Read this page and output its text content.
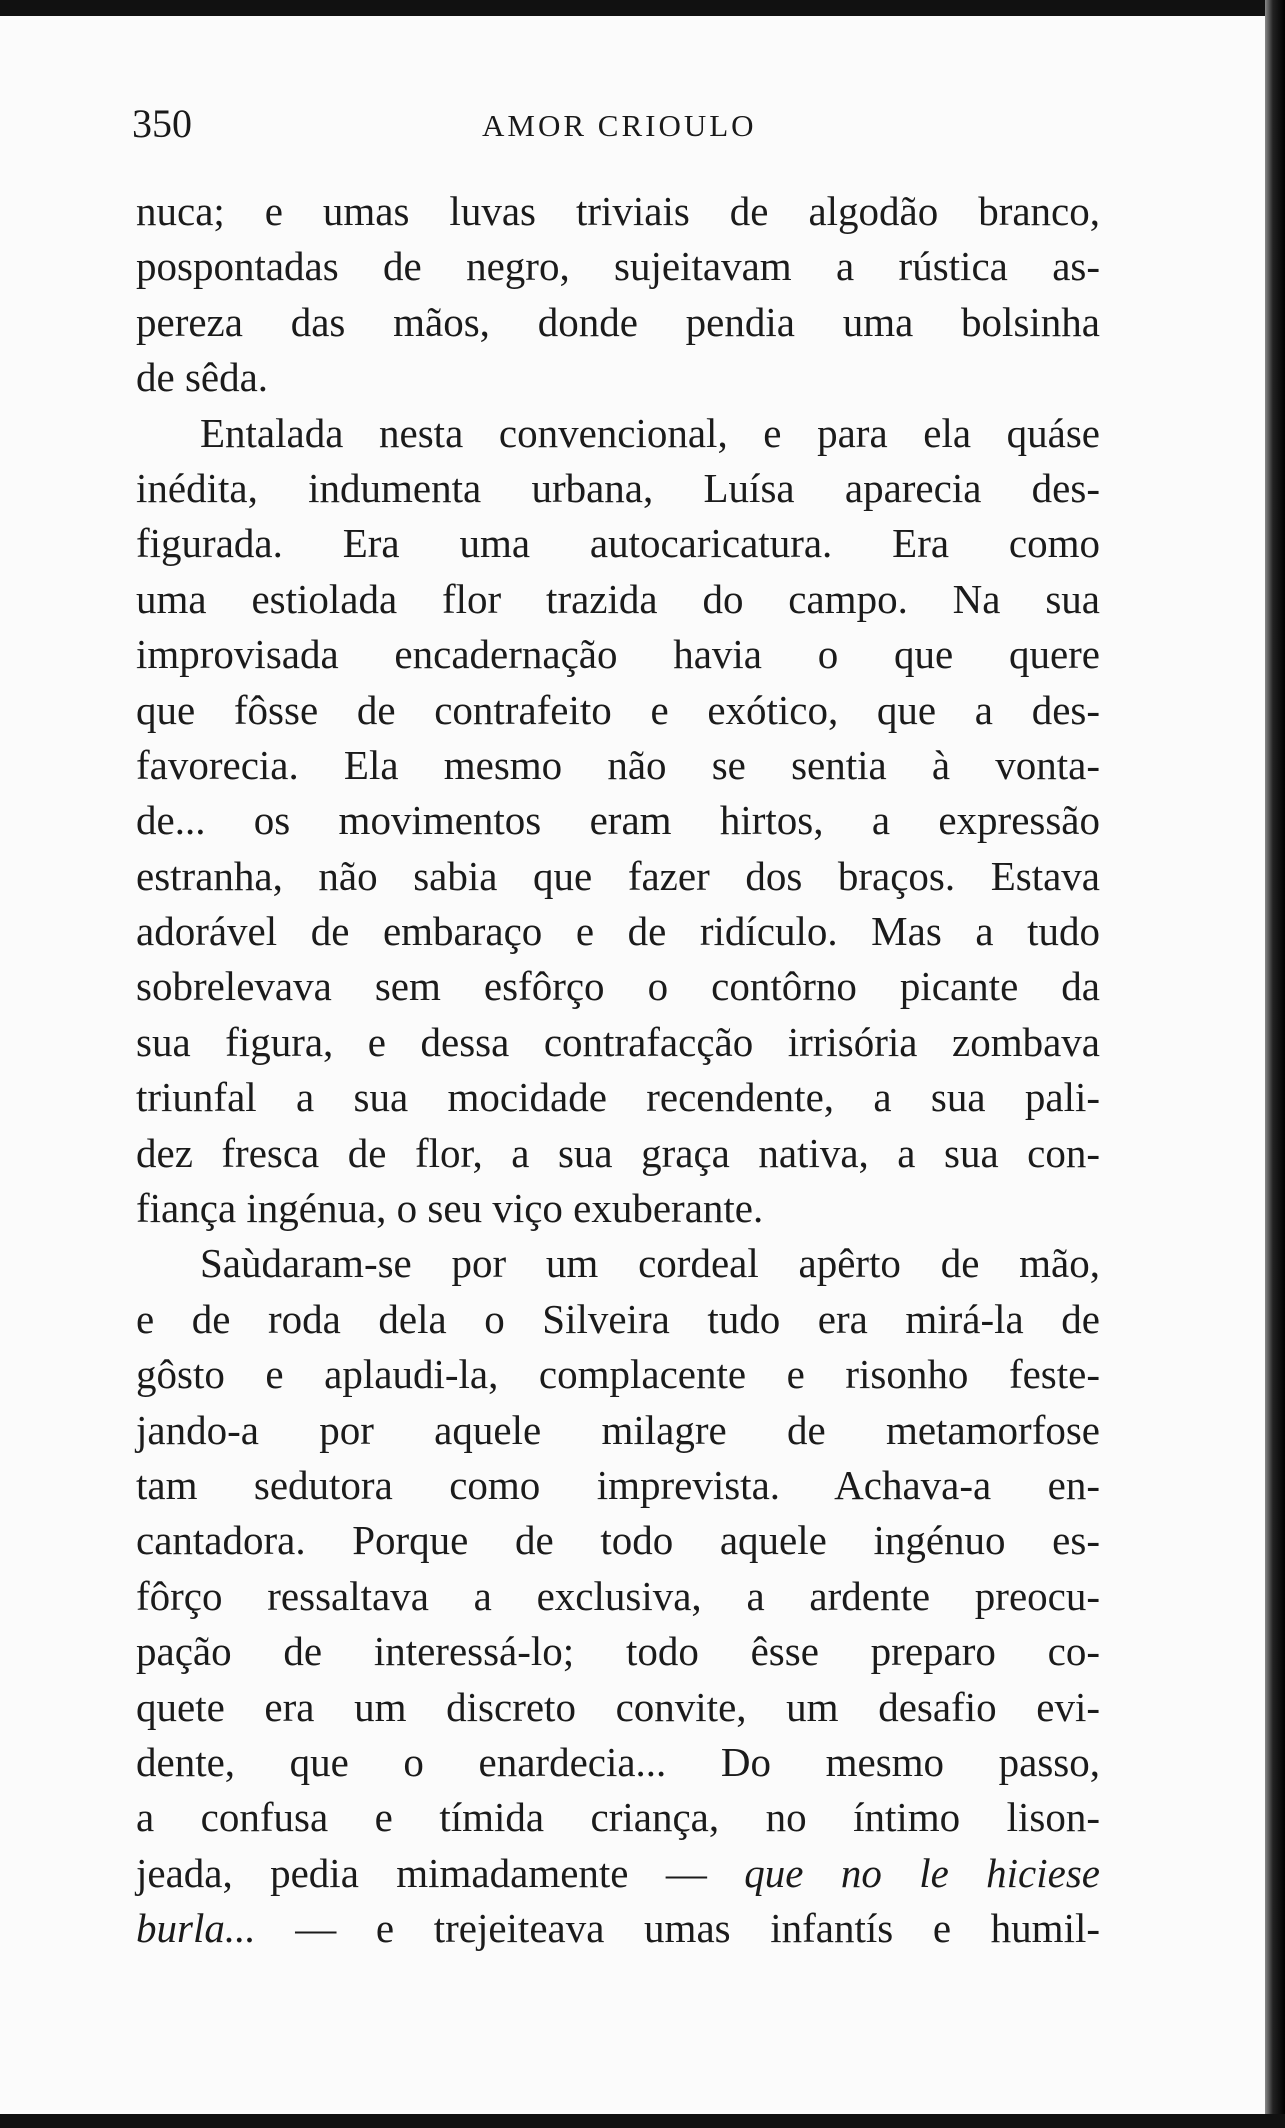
350	AMOR CRIOULO
nuca; e umas luvas triviais de algodão branco,
pospontadas de negro, sujeitavam a rústica as-
pereza das mãos, donde pendia uma bolsinha
de sêda.
Entalada nesta convencional, e para ela quáse
inédita, indumenta urbana, Luísa aparecia des-
figurada. Era uma autocaricatura. Era como
uma estiolada flor trazida do campo. Na sua
improvisada encadernação havia o que quere
que fôsse de contrafeito e exótico, que a des-
favorecia. Ela mesmo não se sentia à vonta-
de... os movimentos eram hirtos, a expressão
estranha, não sabia que fazer dos braços. Estava
adorável de embaraço e de ridículo. Mas a tudo
sobrelevava sem esfôrço o contôrno picante da
sua figura, e dessa contrafacção irrisória zombava
triunfal a sua mocidade recendente, a sua pali-
dez fresca de flor, a sua graça nativa, a sua con-
fiança ingénua, o seu viço exuberante.
Saùdaram-se por um cordeal apêrto de mão,
e de roda dela o Silveira tudo era mirá-la de
gôsto e aplaudi-la, complacente e risonho feste-
jando-a por aquele milagre de metamorfose
tam sedutora como imprevista. Achava-a en-
cantadora. Porque de todo aquele ingénuo es-
fôrço ressaltava a exclusiva, a ardente preocu-
pação de interessá-lo; todo êsse preparo co-
quete era um discreto convite, um desafio evi-
dente, que o enardecia... Do mesmo passo,
a confusa e tímida criança, no íntimo lison-
jeada, pedia mimadamente — que no le hiciese
burla... — e trejeiteava umas infantís e humil-
